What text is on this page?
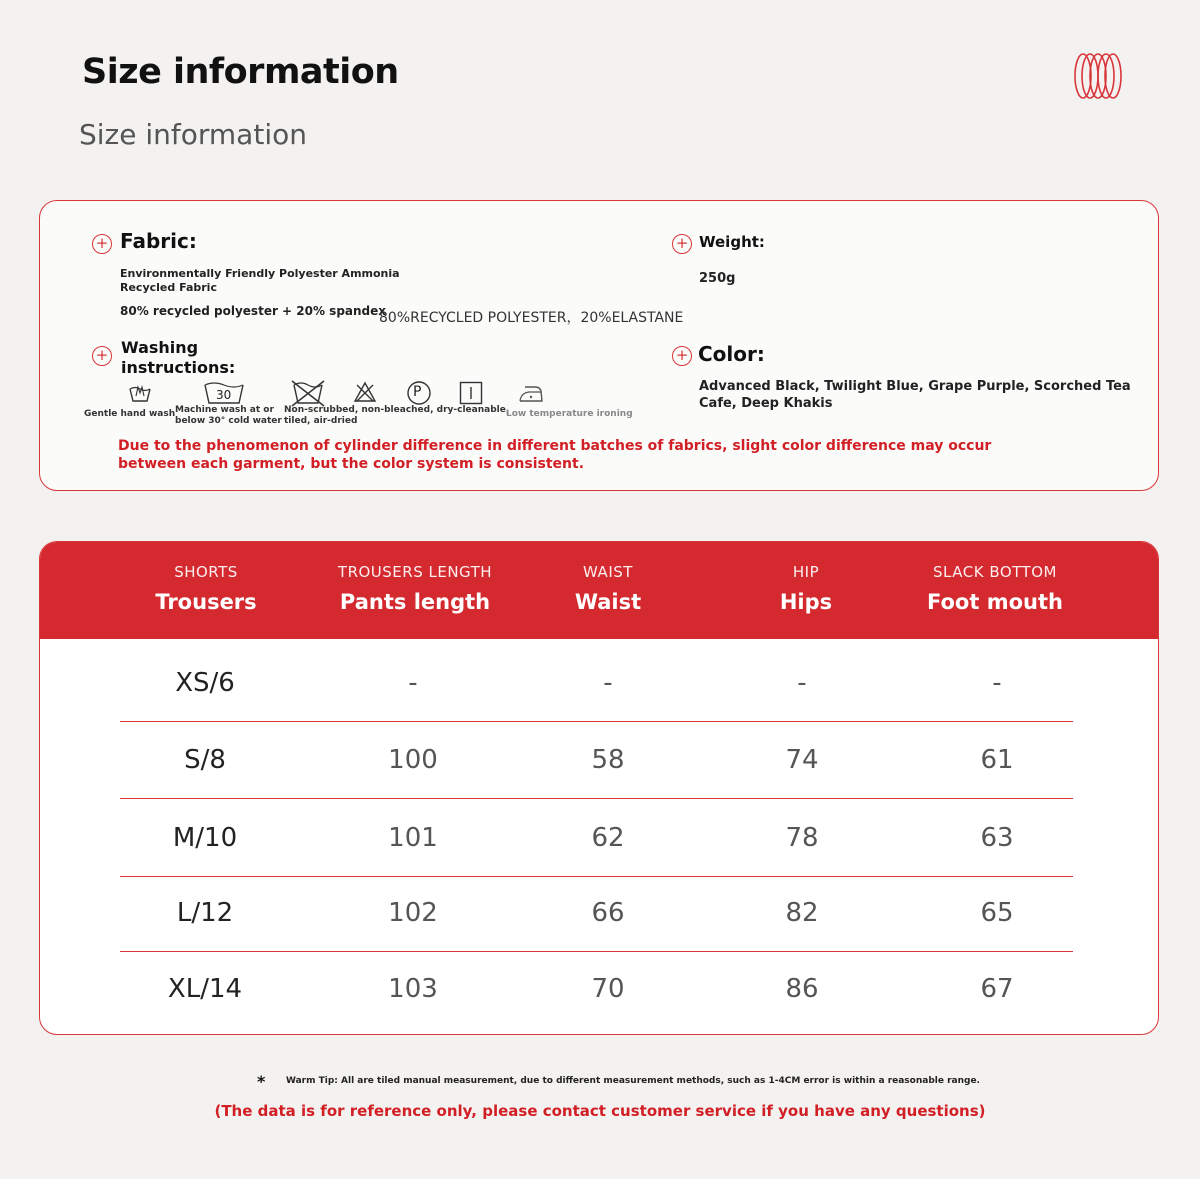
Size information
Size information
+ Fabric:
Environmentally Friendly Polyester Ammonia
Recycled Fabric
80% recycled polyester + 20% spandex
80%RECYCLED POLYESTER，20%ELASTANE
+ Weight:
250g
+ Washing
instructions:
+ Color:
Advanced Black, Twilight Blue, Grape Purple, Scorched Tea
Cafe, Deep Khakis
Gentle hand wash
30
Machine wash at or
below 30° cold water
Non-scrubbed, non-bleached, dry-cleanable,
tiled, air-dried
P
Low temperature ironing
Due to the phenomenon of cylinder difference in different batches of fabrics, slight color difference may occur
between each garment, but the color system is consistent.
SHORTS
Trousers
TROUSERS LENGTH
Pants length
WAIST
Waist
HIP
Hips
SLACK BOTTOM
Foot mouth
XS/6	-	-	-	-
S/8	100	58	74	61
M/10	101	62	78	63
L/12	102	66	82	65
XL/14	103	70	86	67
* Warm Tip: All are tiled manual measurement, due to different measurement methods, such as 1-4CM error is within a reasonable range.
(The data is for reference only, please contact customer service if you have any questions)
